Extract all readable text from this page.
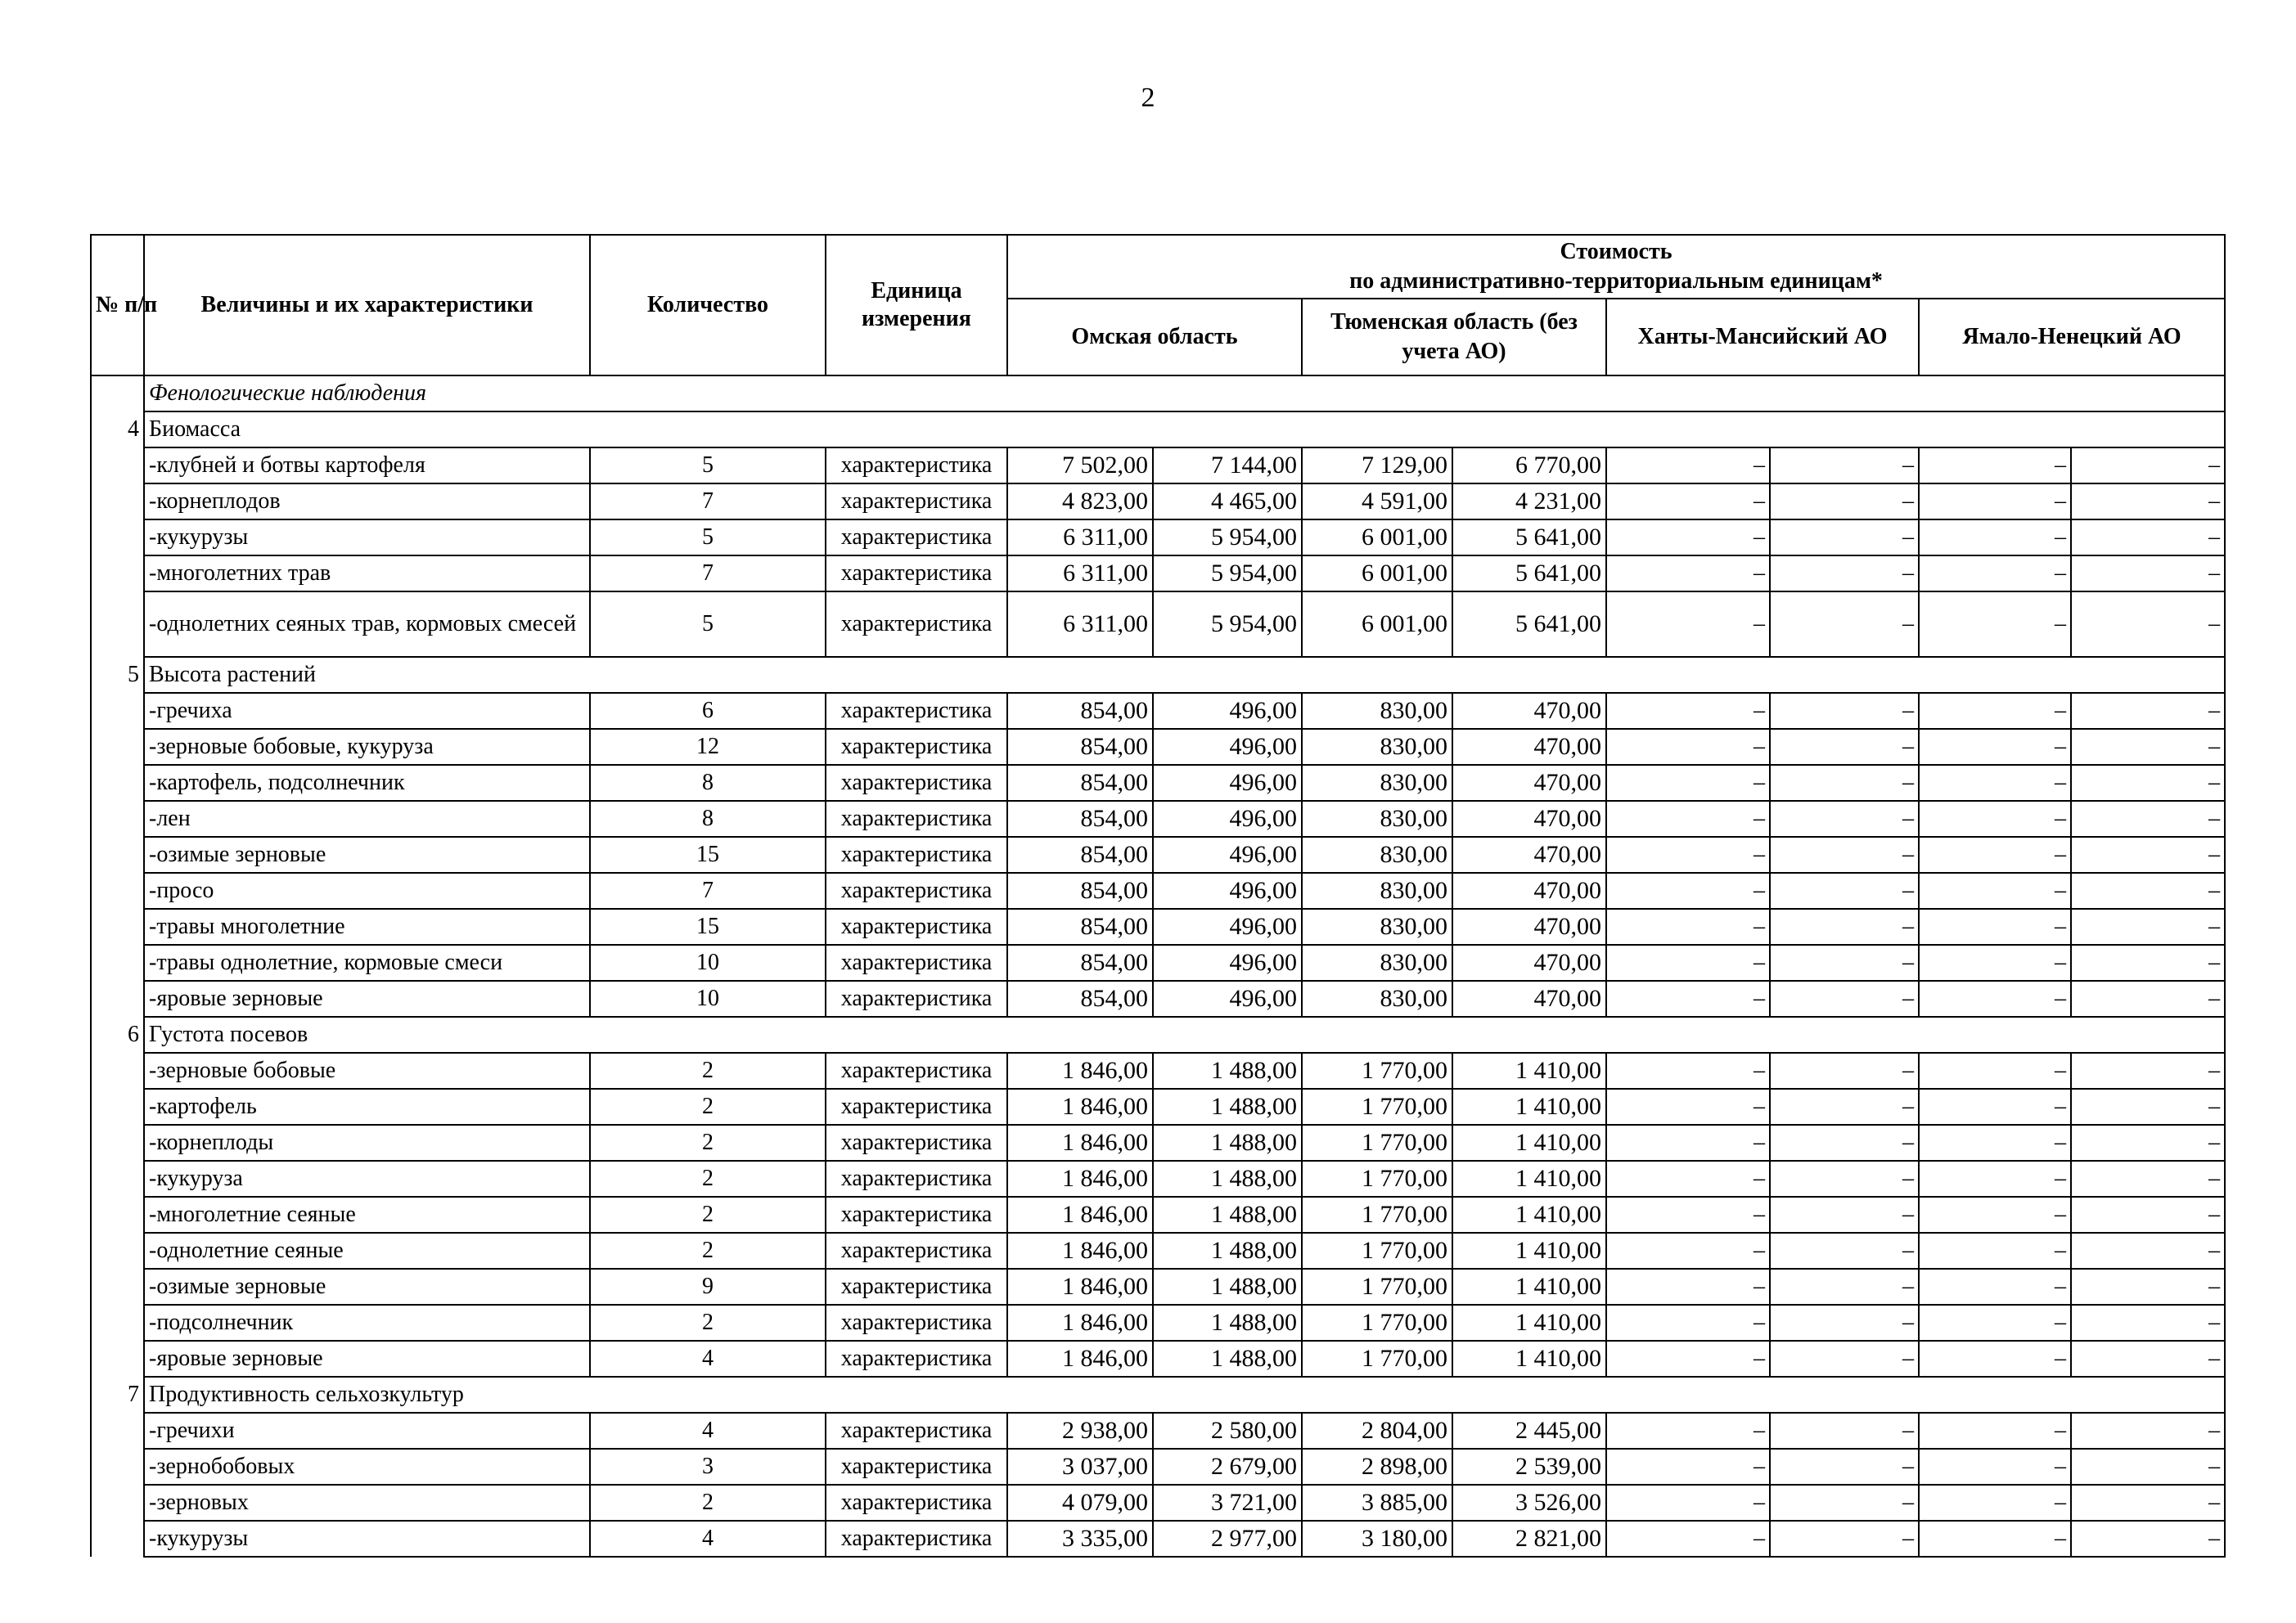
2
№ п/п	Величины и их характеристики	Количество	Единица измерения	Стоимость
по административно-территориальным единицам*							

				Омская область		Тюменская область (без учета АО)		Ханты-Мансийский АО		Ямало-Ненецкий АО	
	Фенологические наблюдения										
4	Биомасса										
	-клубней и ботвы картофеля	5	характеристика	7 502,00	7 144,00	7 129,00	6 770,00	–	–	–	–
	-корнеплодов	7	характеристика	4 823,00	4 465,00	4 591,00	4 231,00	–	–	–	–
	-кукурузы	5	характеристика	6 311,00	5 954,00	6 001,00	5 641,00	–	–	–	–
	-многолетних трав	7	характеристика	6 311,00	5 954,00	6 001,00	5 641,00	–	–	–	–
	-однолетних сеяных трав, кормовых смесей	5	характеристика	6 311,00	5 954,00	6 001,00	5 641,00	–	–	–	–
5	Высота растений										
	-гречиха	6	характеристика	854,00	496,00	830,00	470,00	–	–	–	–
	-зерновые бобовые, кукуруза	12	характеристика	854,00	496,00	830,00	470,00	–	–	–	–
	-картофель, подсолнечник	8	характеристика	854,00	496,00	830,00	470,00	–	–	–	–
	-лен	8	характеристика	854,00	496,00	830,00	470,00	–	–	–	–
	-озимые зерновые	15	характеристика	854,00	496,00	830,00	470,00	–	–	–	–
	-просо	7	характеристика	854,00	496,00	830,00	470,00	–	–	–	–
	-травы многолетние	15	характеристика	854,00	496,00	830,00	470,00	–	–	–	–
	-травы однолетние, кормовые смеси	10	характеристика	854,00	496,00	830,00	470,00	–	–	–	–
	-яровые зерновые	10	характеристика	854,00	496,00	830,00	470,00	–	–	–	–
6	Густота посевов										
	-зерновые бобовые	2	характеристика	1 846,00	1 488,00	1 770,00	1 410,00	–	–	–	–
	-картофель	2	характеристика	1 846,00	1 488,00	1 770,00	1 410,00	–	–	–	–
	-корнеплоды	2	характеристика	1 846,00	1 488,00	1 770,00	1 410,00	–	–	–	–
	-кукуруза	2	характеристика	1 846,00	1 488,00	1 770,00	1 410,00	–	–	–	–
	-многолетние сеяные	2	характеристика	1 846,00	1 488,00	1 770,00	1 410,00	–	–	–	–
	-однолетние сеяные	2	характеристика	1 846,00	1 488,00	1 770,00	1 410,00	–	–	–	–
	-озимые зерновые	9	характеристика	1 846,00	1 488,00	1 770,00	1 410,00	–	–	–	–
	-подсолнечник	2	характеристика	1 846,00	1 488,00	1 770,00	1 410,00	–	–	–	–
	-яровые зерновые	4	характеристика	1 846,00	1 488,00	1 770,00	1 410,00	–	–	–	–
7	Продуктивность сельхозкультур										
	-гречихи	4	характеристика	2 938,00	2 580,00	2 804,00	2 445,00	–	–	–	–
	-зернобобовых	3	характеристика	3 037,00	2 679,00	2 898,00	2 539,00	–	–	–	–
	-зерновых	2	характеристика	4 079,00	3 721,00	3 885,00	3 526,00	–	–	–	–
	-кукурузы	4	характеристика	3 335,00	2 977,00	3 180,00	2 821,00	–	–	–	–
